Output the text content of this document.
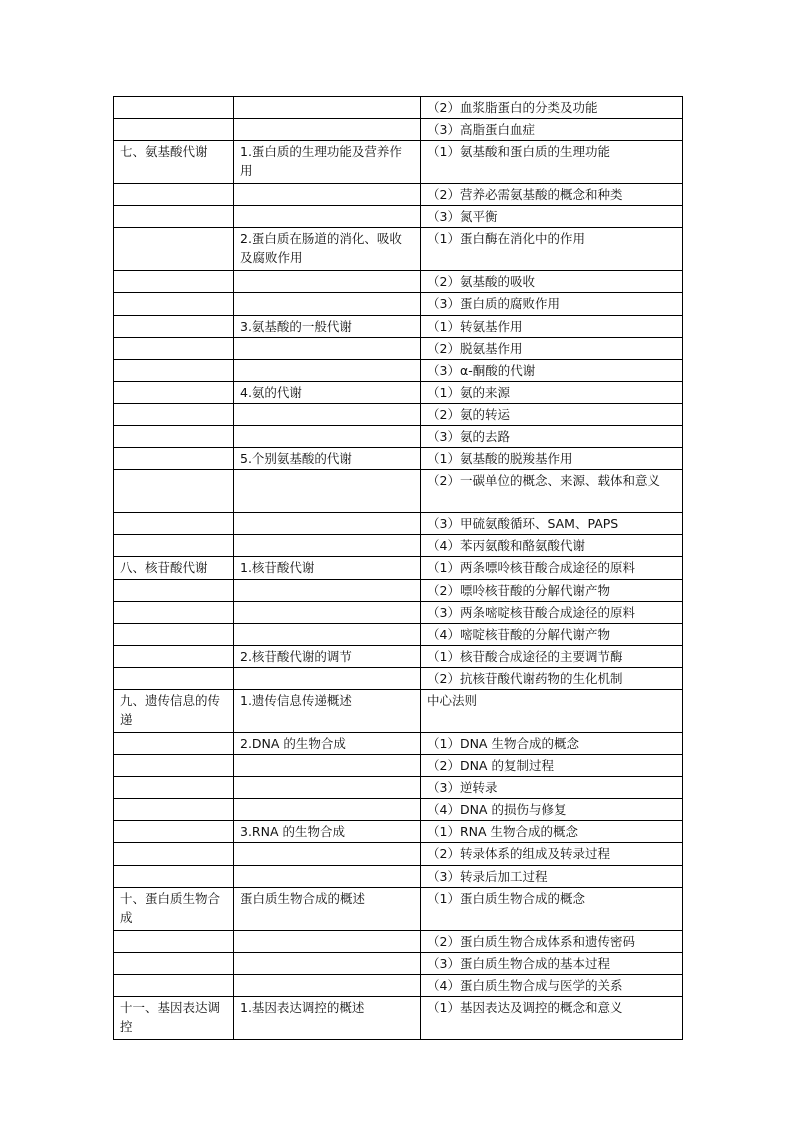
		（2）血浆脂蛋白的分类及功能
		（3）高脂蛋白血症
七、氨基酸代谢	1.蛋白质的生理功能及营养作用	（1）氨基酸和蛋白质的生理功能
		（2）营养必需氨基酸的概念和种类
		（3）氮平衡
	2.蛋白质在肠道的消化、吸收及腐败作用	（1）蛋白酶在消化中的作用
		（2）氨基酸的吸收
		（3）蛋白质的腐败作用
	3.氨基酸的一般代谢	（1）转氨基作用
		（2）脱氨基作用
		（3）α-酮酸的代谢
	4.氨的代谢	（1）氨的来源
		（2）氨的转运
		（3）氨的去路
	5.个别氨基酸的代谢	（1）氨基酸的脱羧基作用
		（2）一碳单位的概念、来源、载体和意义
		（3）甲硫氨酸循环、SAM、PAPS
		（4）苯丙氨酸和酪氨酸代谢
八、核苷酸代谢	1.核苷酸代谢	（1）两条嘌呤核苷酸合成途径的原料
		（2）嘌呤核苷酸的分解代谢产物
		（3）两条嘧啶核苷酸合成途径的原料
		（4）嘧啶核苷酸的分解代谢产物
	2.核苷酸代谢的调节	（1）核苷酸合成途径的主要调节酶
		（2）抗核苷酸代谢药物的生化机制
九、遗传信息的传递	1.遗传信息传递概述	中心法则
	2.DNA 的生物合成	（1）DNA 生物合成的概念
		（2）DNA 的复制过程
		（3）逆转录
		（4）DNA 的损伤与修复
	3.RNA 的生物合成	（1）RNA 生物合成的概念
		（2）转录体系的组成及转录过程
		（3）转录后加工过程
十、蛋白质生物合成	蛋白质生物合成的概述	（1）蛋白质生物合成的概念
		（2）蛋白质生物合成体系和遗传密码
		（3）蛋白质生物合成的基本过程
		（4）蛋白质生物合成与医学的关系
十一、基因表达调控	1.基因表达调控的概述	（1）基因表达及调控的概念和意义
